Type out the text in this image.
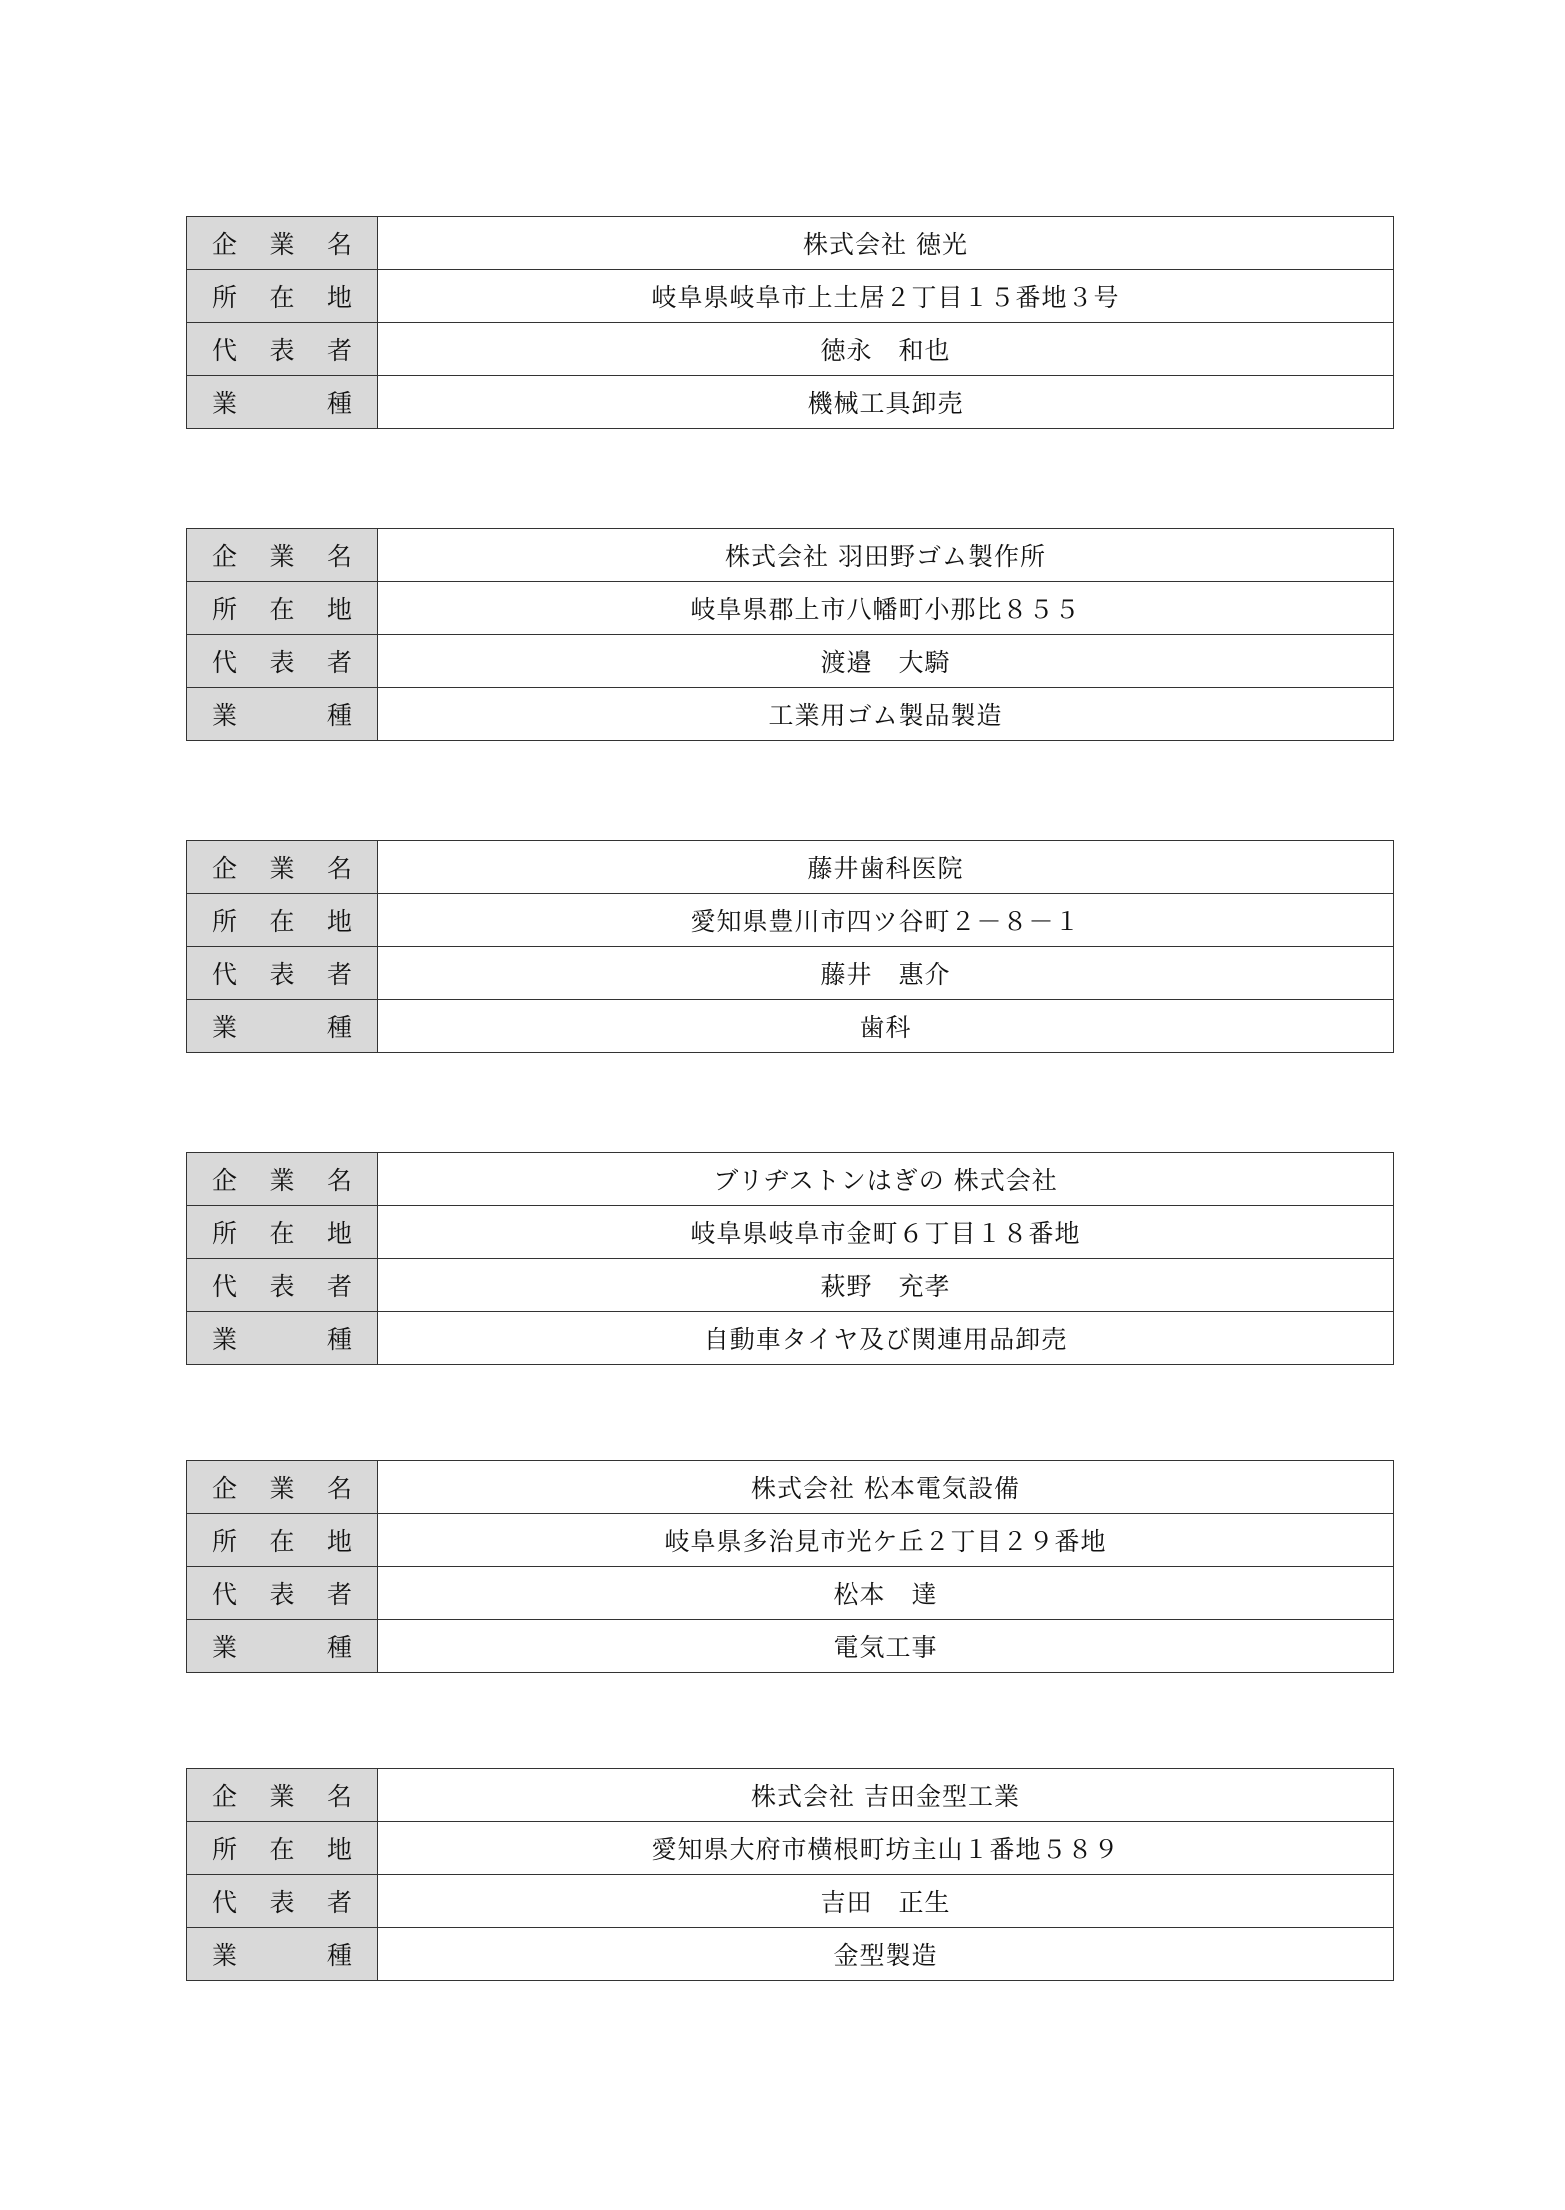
企 業 名	株式会社 徳光

所 在 地	岐阜県岐阜市上土居２丁目１５番地３号

代 表 者	徳永　和也

業 種	機械工具卸売
企 業 名	株式会社 羽田野ゴム製作所

所 在 地	岐阜県郡上市八幡町小那比８５５

代 表 者	渡邉　大騎

業 種	工業用ゴム製品製造
企 業 名	藤井歯科医院

所 在 地	愛知県豊川市四ツ谷町２－８－１

代 表 者	藤井　惠介

業 種	歯科
企 業 名	ブリヂストンはぎの 株式会社

所 在 地	岐阜県岐阜市金町６丁目１８番地

代 表 者	萩野　充孝

業 種	自動車タイヤ及び関連用品卸売
企 業 名	株式会社 松本電気設備

所 在 地	岐阜県多治見市光ケ丘２丁目２９番地

代 表 者	松本　達

業 種	電気工事
企 業 名	株式会社 吉田金型工業

所 在 地	愛知県大府市横根町坊主山１番地５８９

代 表 者	吉田　正生

業 種	金型製造
